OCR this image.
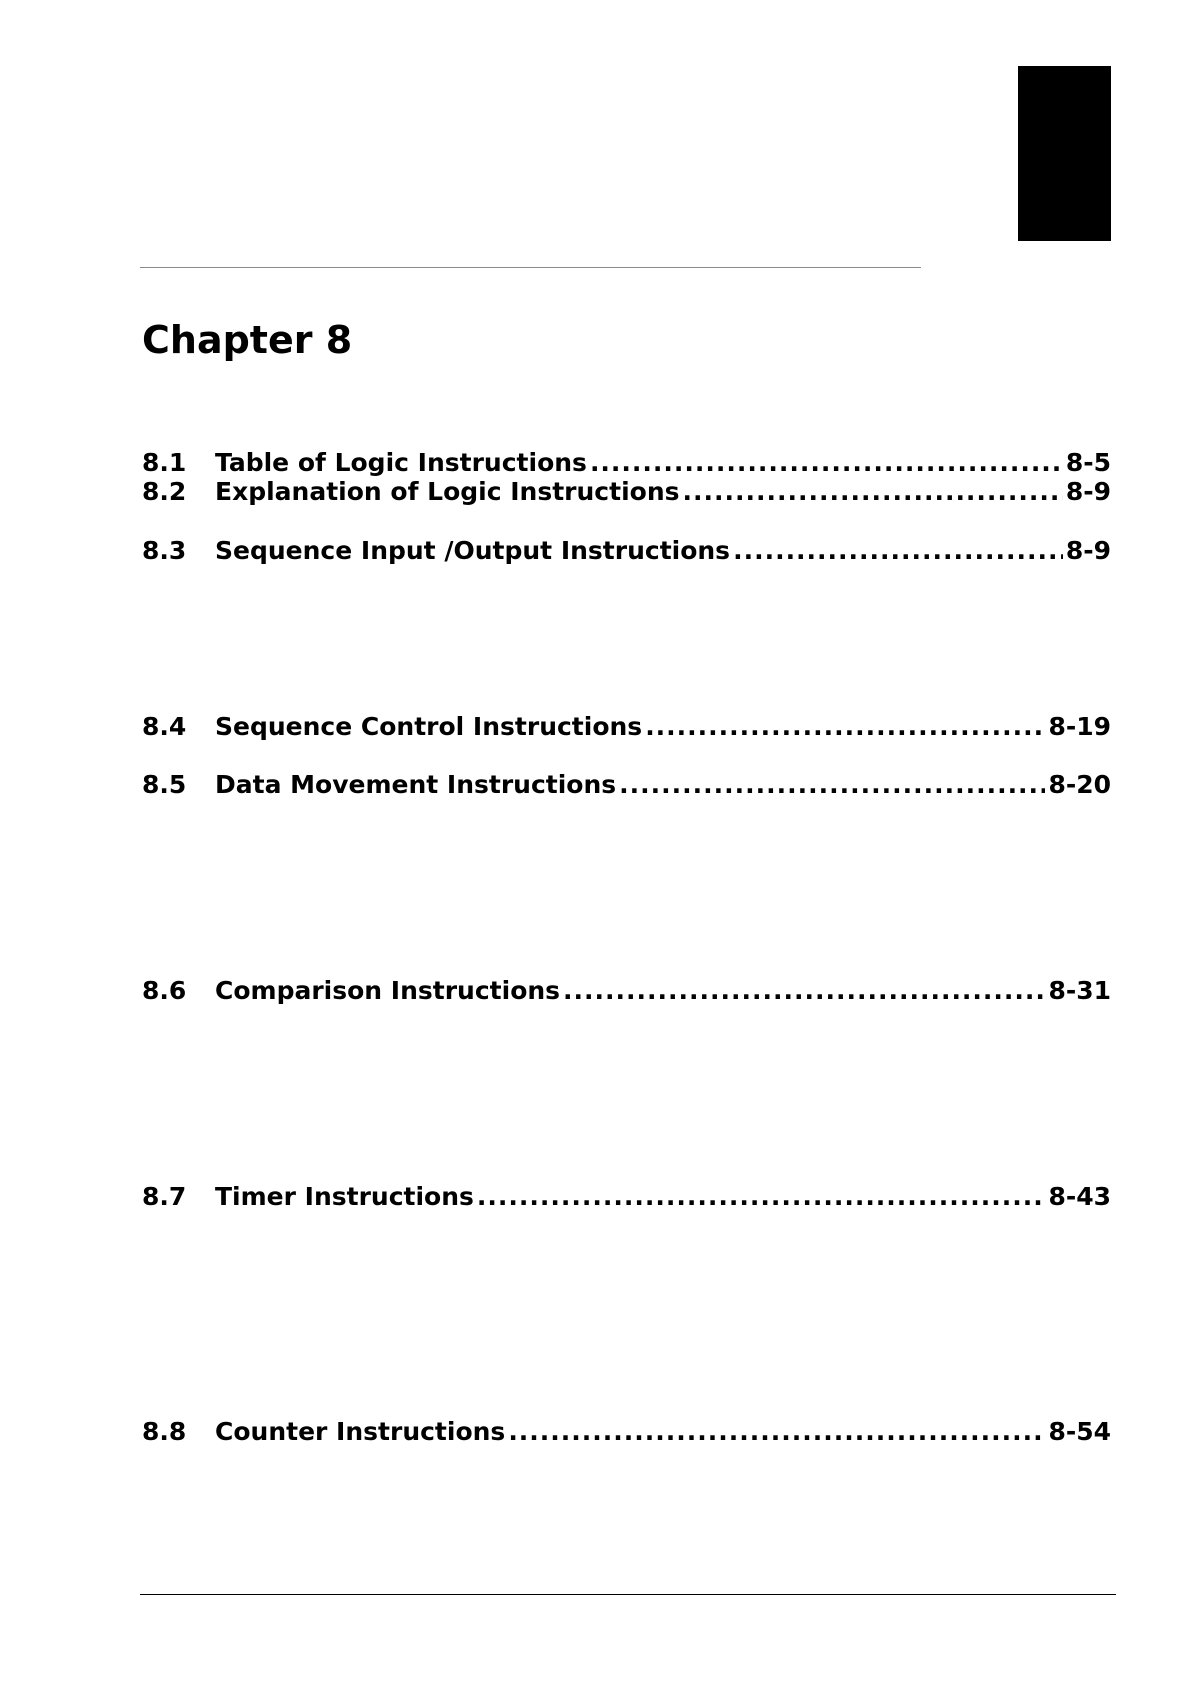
Chapter 8
8.1	Table of Logic Instructions .....	8-5
8.2	Explanation of Logic Instructions .....	8-9
8.3	Sequence Input /Output Instructions .....	8-9
8.4	Sequence Control Instructions .....	8-19
8.5	Data Movement Instructions .....	8-20
8.6	Comparison Instructions .....	8-31
8.7	Timer Instructions .....	8-43
8.8	Counter Instructions .....	8-54
